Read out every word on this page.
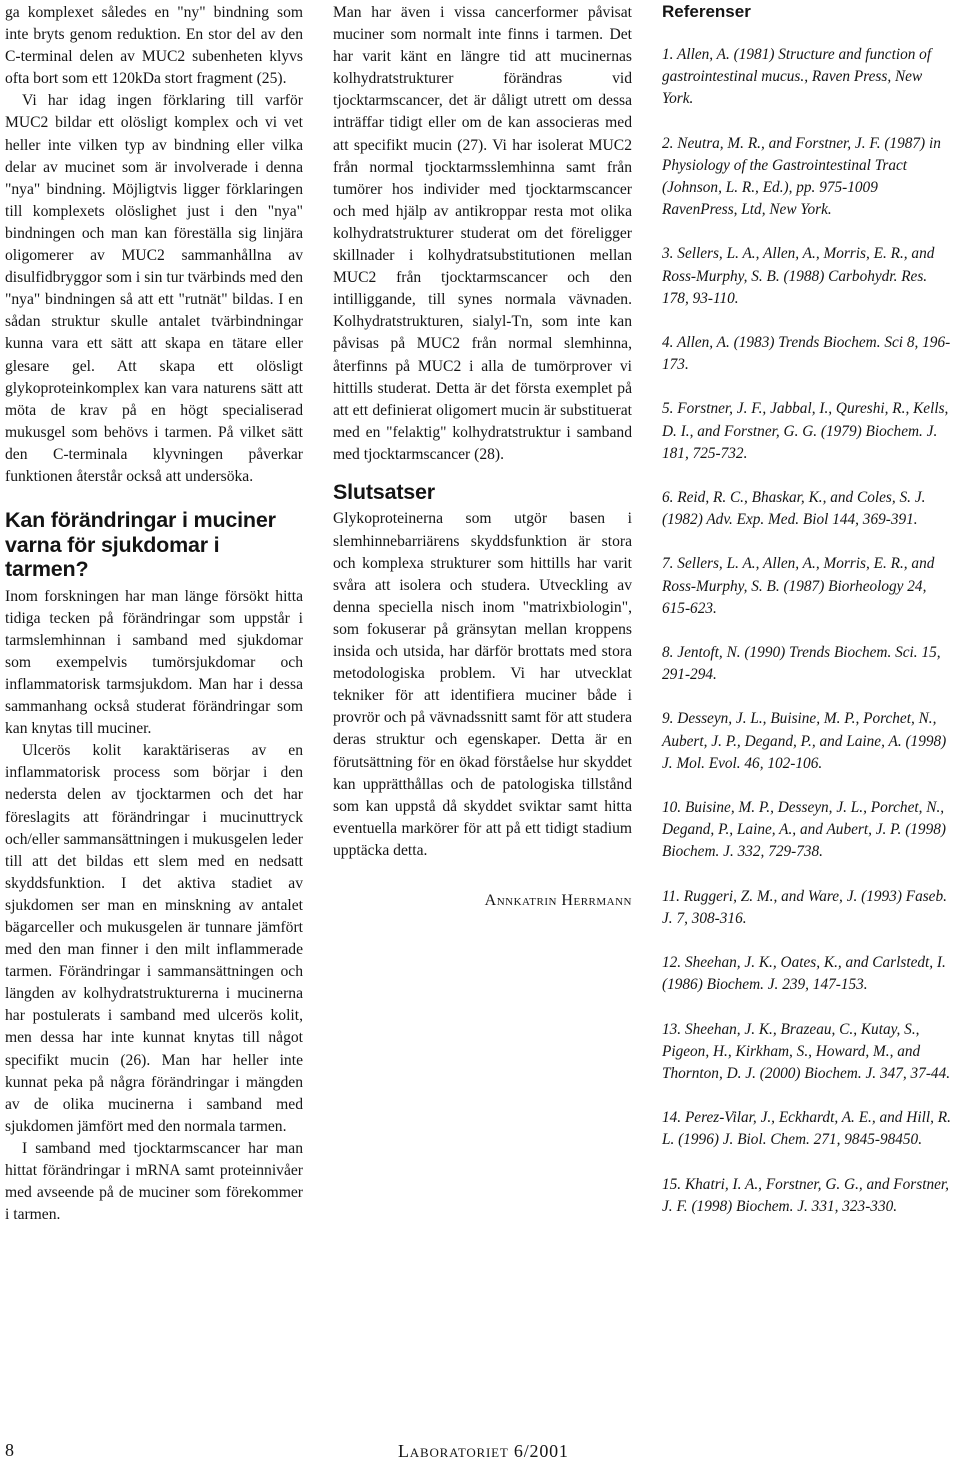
ga komplexet således en "ny" bindning som inte bryts genom reduktion. En stor del av den C-terminal delen av MUC2 subenheten klyvs ofta bort som ett 120kDa stort fragment (25).

Vi har idag ingen förklaring till varför MUC2 bildar ett olösligt komplex och vi vet heller inte vilken typ av bindning eller vilka delar av mucinet som är involverade i denna "nya" bindning. Möjligtvis ligger förklaringen till komplexets olöslighet just i den "nya" bindningen och man kan föreställa sig linjära oligomerer av MUC2 sammanhållna av disulfidbryggor som i sin tur tvärbinds med den "nya" bindningen så att ett "rutnät" bildas. I en sådan struktur skulle antalet tvärbindningar kunna vara ett sätt att skapa en tätare eller glesare gel. Att skapa ett olösligt glykoproteinkomplex kan vara naturens sätt att möta de krav på en högt specialiserad mukusgel som behövs i tarmen. På vilket sätt den C-terminala klyvningen påverkar funktionen återstår också att undersöka.

Kan förändringar i muciner varna för sjukdomar i tarmen?

Inom forskningen har man länge försökt hitta tidiga tecken på förändringar som uppstår i tarmslemhinnan i samband med sjukdomar som exempelvis tumörsjukdomar och inflammatorisk tarmsjukdom. Man har i dessa sammanhang också studerat förändringar som kan knytas till muciner.

Ulcerös kolit karaktäriseras av en inflammatorisk process som börjar i den nedersta delen av tjocktarmen och det har föreslagits att förändringar i mucinuttryck och/eller sammansättningen i mukusgelen leder till att det bildas ett slem med en nedsatt skyddsfunktion. I det aktiva stadiet av sjukdomen ser man en minskning av antalet bägarceller och mukusgelen är tunnare jämfört med den man finner i den milt inflammerade tarmen. Förändringar i sammansättningen och längden av kolhydratstrukturerna i mucinerna har postulerats i samband med ulcerös kolit, men dessa har inte kunnat knytas till något specifikt mucin (26). Man har heller inte kunnat peka på några förändringar i mängden av de olika mucinerna i samband med sjukdomen jämfört med den normala tarmen.

I samband med tjocktarmscancer har man hittat förändringar i mRNA samt proteinnivåer med avseende på de muciner som förekommer i tarmen.

Man har även i vissa cancerformer påvisat muciner som normalt inte finns i tarmen. Det har varit känt en längre tid att mucinernas kolhydratstrukturer förändras vid tjocktarmscancer, det är dåligt utrett om dessa inträffar tidigt eller om de kan associeras med att specifikt mucin (27). Vi har isolerat MUC2 från normal tjocktarmsslemhinna samt från tumörer hos individer med tjocktarmscancer och med hjälp av antikroppar resta mot olika kolhydratstrukturer studerat om det föreligger skillnader i kolhydratsubstitutionen mellan MUC2 från tjocktarmscancer och den intilliggande, till synes normala vävnaden. Kolhydratstrukturen, sialyl-Tn, som inte kan påvisas på MUC2 från normal slemhinna, återfinns på MUC2 i alla de tumörprover vi hittills studerat. Detta är det första exemplet på att ett definierat oligomert mucin är substituerat med en "felaktig" kolhydratstruktur i samband med tjocktarmscancer (28).

Slutsatser

Glykoproteinerna som utgör basen i slemhinnebarriärens skyddsfunktion är stora och komplexa strukturer som hittills har varit svåra att isolera och studera. Utveckling av denna speciella nisch inom "matrixbiologin", som fokuserar på gränsytan mellan kroppens insida och utsida, har därför brottats med stora metodologiska problem. Vi har utvecklat tekniker för att identifiera muciner både i provrör och på vävnadssnitt samt för att studera deras struktur och egenskaper. Detta är en förutsättning för en ökad förståelse hur skyddet kan upprätthållas och de patologiska tillstånd som kan uppstå då skyddet sviktar samt hitta eventuella markörer för att på ett tidigt stadium upptäcka detta.

Annkatrin Herrmann
Referenser
1. Allen, A. (1981) Structure and function of gastrointestinal mucus., Raven Press, New York.
2. Neutra, M. R., and Forstner, J. F. (1987) in Physiology of the Gastrointestinal Tract (Johnson, L. R., Ed.), pp. 975-1009 RavenPress, Ltd, New York.
3. Sellers, L. A., Allen, A., Morris, E. R., and Ross-Murphy, S. B. (1988) Carbohydr. Res. 178, 93-110.
4. Allen, A. (1983) Trends Biochem. Sci 8, 196-173.
5. Forstner, J. F., Jabbal, I., Qureshi, R., Kells, D. I., and Forstner, G. G. (1979) Biochem. J. 181, 725-732.
6. Reid, R. C., Bhaskar, K., and Coles, S. J. (1982) Adv. Exp. Med. Biol 144, 369-391.
7. Sellers, L. A., Allen, A., Morris, E. R., and Ross-Murphy, S. B. (1987) Biorheology 24, 615-623.
8. Jentoft, N. (1990) Trends Biochem. Sci. 15, 291-294.
9. Desseyn, J. L., Buisine, M. P., Porchet, N., Aubert, J. P., Degand, P., and Laine, A. (1998) J. Mol. Evol. 46, 102-106.
10. Buisine, M. P., Desseyn, J. L., Porchet, N., Degand, P., Laine, A., and Aubert, J. P. (1998) Biochem. J. 332, 729-738.
11. Ruggeri, Z. M., and Ware, J. (1993) Faseb. J. 7, 308-316.
12. Sheehan, J. K., Oates, K., and Carlstedt, I. (1986) Biochem. J. 239, 147-153.
13. Sheehan, J. K., Brazeau, C., Kutay, S., Pigeon, H., Kirkham, S., Howard, M., and Thornton, D. J. (2000) Biochem. J. 347, 37-44.
14. Perez-Vilar, J., Eckhardt, A. E., and Hill, R. L. (1996) J. Biol. Chem. 271, 9845-98450.
15. Khatri, I. A., Forstner, G. G., and Forstner, J. F. (1998) Biochem. J. 331, 323-330.
8	Laboratoriet 6/2001
